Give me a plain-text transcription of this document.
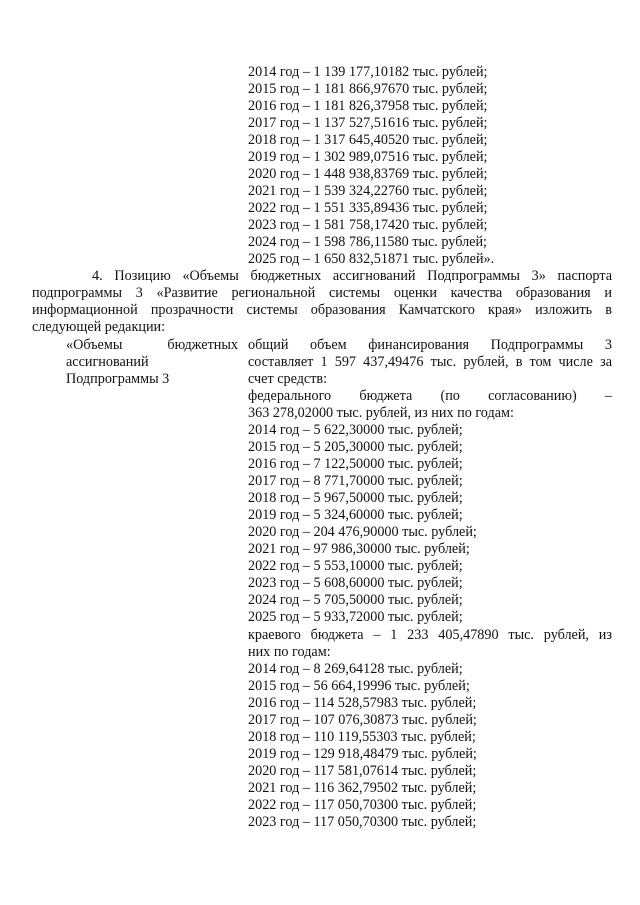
2014 год – 1 139 177,10182 тыс. рублей;
2015 год – 1 181 866,97670 тыс. рублей;
2016 год – 1 181 826,37958 тыс. рублей;
2017 год – 1 137 527,51616 тыс. рублей;
2018 год – 1 317 645,40520 тыс. рублей;
2019 год – 1 302 989,07516 тыс. рублей;
2020 год – 1 448 938,83769 тыс. рублей;
2021 год – 1 539 324,22760 тыс. рублей;
2022 год – 1 551 335,89436 тыс. рублей;
2023 год – 1 581 758,17420 тыс. рублей;
2024 год – 1 598 786,11580 тыс. рублей;
2025 год – 1 650 832,51871 тыс. рублей».
4. Позицию «Объемы бюджетных ассигнований Подпрограммы 3» паспорта
подпрограммы 3 «Развитие региональной системы оценки качества образования и
информационной прозрачности системы образования Камчатского края» изложить в
следующей редакции:
«Объемы бюджетных
ассигнований
Подпрограммы 3
общий объем финансирования Подпрограммы 3
составляет 1 597 437,49476 тыс. рублей, в том числе за
счет средств:
федерального бюджета (по согласованию) –
363 278,02000 тыс. рублей, из них по годам:
2014 год – 5 622,30000 тыс. рублей;
2015 год – 5 205,30000 тыс. рублей;
2016 год – 7 122,50000 тыс. рублей;
2017 год – 8 771,70000 тыс. рублей;
2018 год – 5 967,50000 тыс. рублей;
2019 год – 5 324,60000 тыс. рублей;
2020 год – 204 476,90000 тыс. рублей;
2021 год – 97 986,30000 тыс. рублей;
2022 год – 5 553,10000 тыс. рублей;
2023 год – 5 608,60000 тыс. рублей;
2024 год – 5 705,50000 тыс. рублей;
2025 год – 5 933,72000 тыс. рублей;
краевого бюджета – 1 233 405,47890 тыс. рублей, из
них по годам:
2014 год – 8 269,64128 тыс. рублей;
2015 год – 56 664,19996 тыс. рублей;
2016 год – 114 528,57983 тыс. рублей;
2017 год – 107 076,30873 тыс. рублей;
2018 год – 110 119,55303 тыс. рублей;
2019 год – 129 918,48479 тыс. рублей;
2020 год – 117 581,07614 тыс. рублей;
2021 год – 116 362,79502 тыс. рублей;
2022 год – 117 050,70300 тыс. рублей;
2023 год – 117 050,70300 тыс. рублей;
